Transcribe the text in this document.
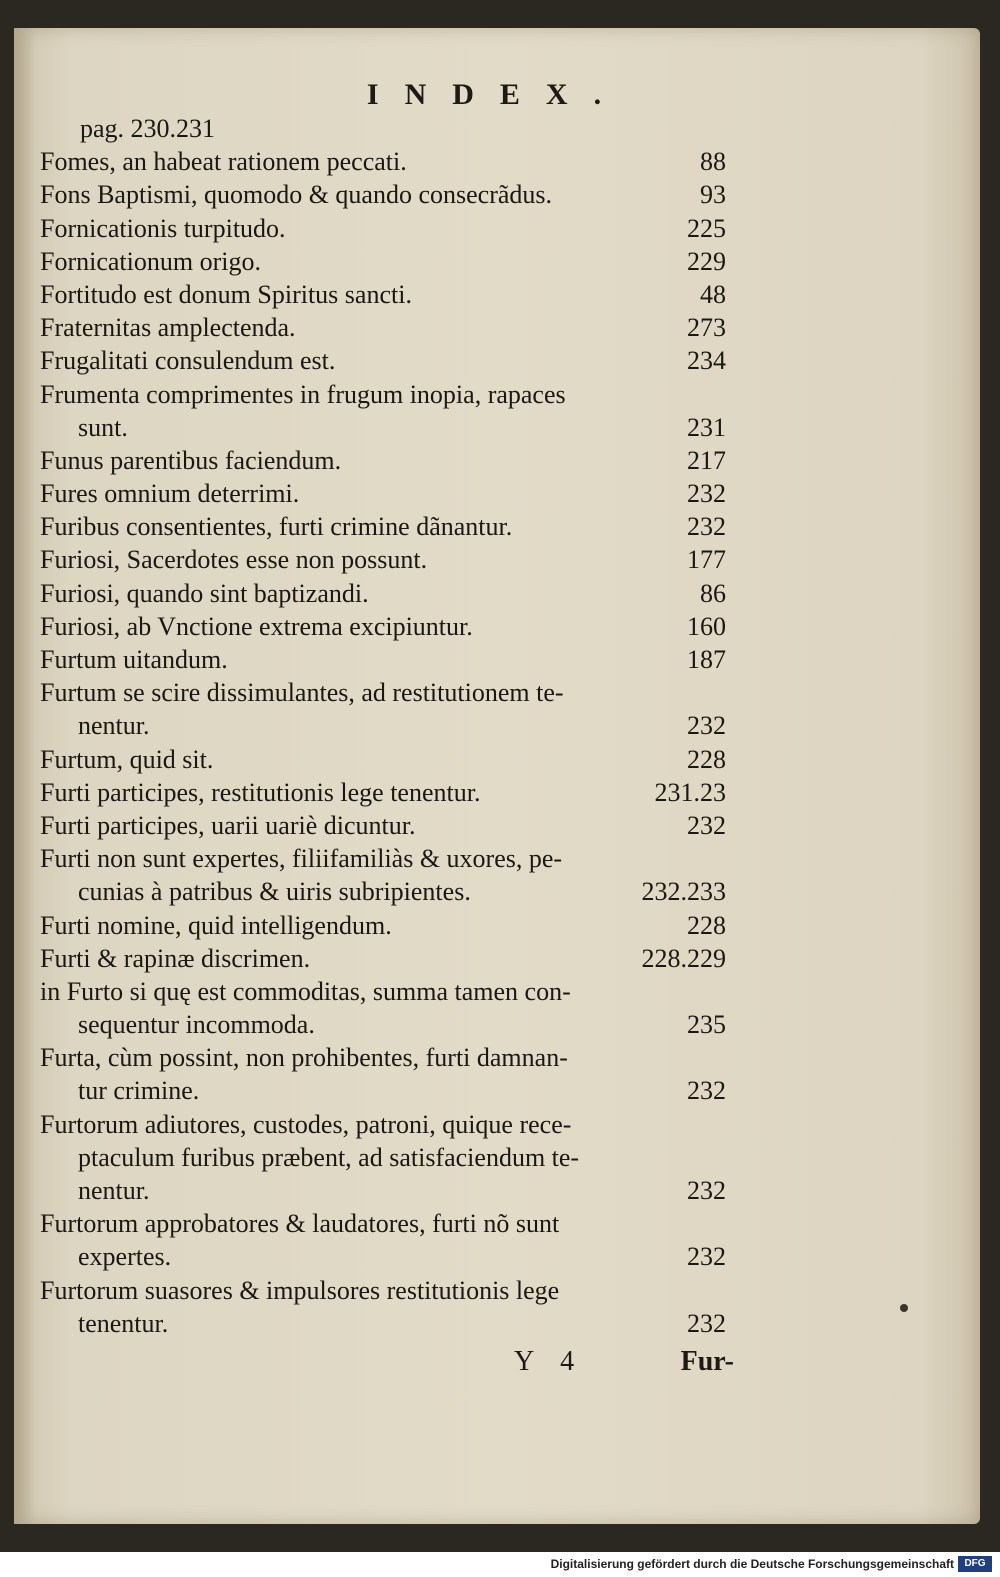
INDEX.
pag. 230.231
Fomes, an habeat rationem peccati.	88
Fons Baptismi, quomodo & quando consecrãdus.	93
Fornicationis turpitudo.	225
Fornicationum origo.	229
Fortitudo est donum Spiritus sancti.	48
Fraternitas amplectenda.	273
Frugalitati consulendum est.	234
Frumenta comprimentes in frugum inopia, rapaces
sunt.	231
Funus parentibus faciendum.	217
Fures omnium deterrimi.	232
Furibus consentientes, furti crimine dãnantur.	232
Furiosi, Sacerdotes esse non possunt.	177
Furiosi, quando sint baptizandi.	86
Furiosi, ab Vnctione extrema excipiuntur.	160
Furtum uitandum.	187
Furtum se scire dissimulantes, ad restitutionem te-
nentur.	232
Furtum, quid sit.	228
Furti participes, restitutionis lege tenentur.	231.23
Furti participes, uarii uariè dicuntur.	232
Furti non sunt expertes, filiifamiliàs & uxores, pe-
cunias à patribus & uiris subripientes.	232.233
Furti nomine, quid intelligendum.	228
Furti & rapinæ discrimen.	228.229
in Furto si quę est commoditas, summa tamen con-
sequentur incommoda.	235
Furta, cùm possint, non prohibentes, furti damnan-
tur crimine.	232
Furtorum adiutores, custodes, patroni, quique rece-
ptaculum furibus præbent, ad satisfaciendum te-
nentur.	232
Furtorum approbatores & laudatores, furti nõ sunt
expertes.	232
Furtorum suasores & impulsores restitutionis lege
tenentur.	232
Y 4	Fur-
Digitalisierung gefördert durch die Deutsche Forschungsgemeinschaft	DFG
